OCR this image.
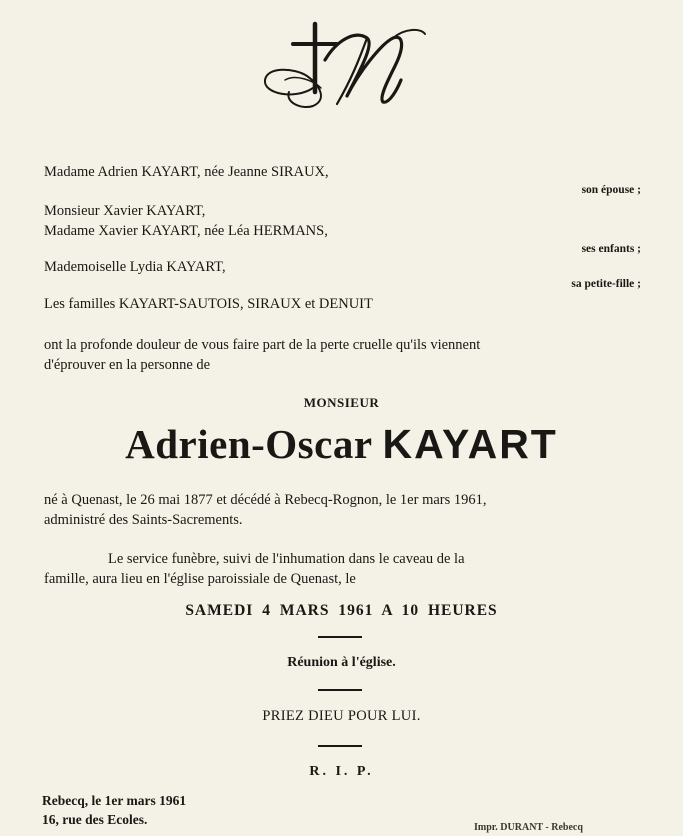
Madame Adrien KAYART, née Jeanne SIRAUX,
son épouse ;
Monsieur Xavier KAYART,
Madame Xavier KAYART, née Léa HERMANS,
ses enfants ;
Mademoiselle Lydia KAYART,
sa petite-fille ;
Les familles KAYART-SAUTOIS, SIRAUX et DENUIT
ont la profonde douleur de vous faire part de la perte cruelle qu'ils viennent
d'éprouver en la personne de
MONSIEUR
Adrien-Oscar KAYART
né à Quenast, le 26 mai 1877 et décédé à Rebecq-Rognon, le 1er mars 1961,
administré des Saints-Sacrements.
Le service funèbre, suivi de l'inhumation dans le caveau de la
famille, aura lieu en l'église paroissiale de Quenast, le
SAMEDI 4 MARS 1961 A 10 HEURES
Réunion à l'église.
PRIEZ DIEU POUR LUI.
R. I. P.
Rebecq, le 1er mars 1961
16, rue des Ecoles.
Impr. DURANT - Rebecq
